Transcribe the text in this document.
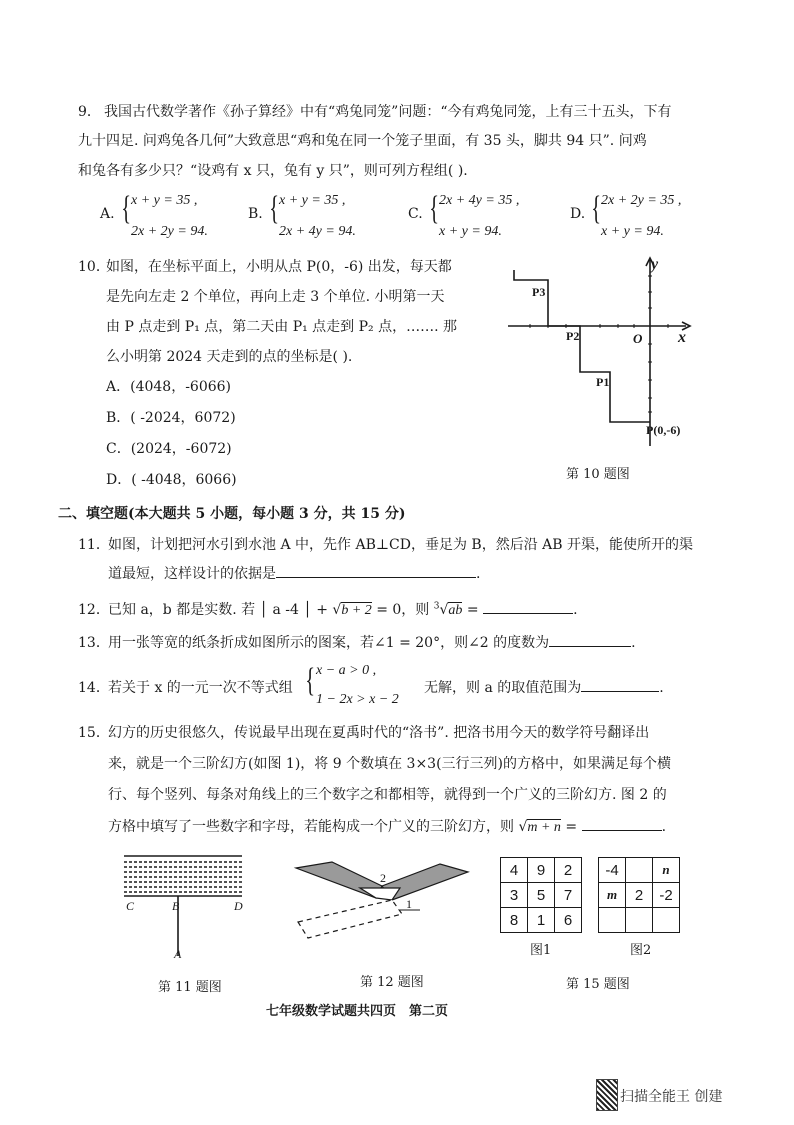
9． 我国古代数学著作《孙子算经》中有“鸡兔同笼”问题：“今有鸡兔同笼，上有三十五头，下有
九十四足. 问鸡兔各几何”大致意思“鸡和兔在同一个笼子里面，有 35 头，脚共 94 只”. 问鸡
和兔各有多少只？“设鸡有 x 只，兔有 y 只”，则可列方程组( ).
A. { x + y = 35 ,
2x + 2y = 94.
B. { x + y = 35 ,
2x + 4y = 94.
C. { 2x + 4y = 35 ,
x + y = 94.
D. { 2x + 2y = 35 ,
x + y = 94.
10．
如图，在坐标平面上，小明从点 P(0，-6) 出发，每天都
是先向左走 2 个单位，再向上走 3 个单位. 小明第一天
由 P 点走到 P₁ 点，第二天由 P₁ 点走到 P₂ 点，……. 那
么小明第 2024 天走到的点的坐标是( ).
A．(4048，-6066)
B．( -2024，6072)
C．(2024，-6072)
D．( -4048，6066)
y
x
O
P3
P2
P1
P(0,-6)
第 10 题图
二、填空题(本大题共 5 小题，每小题 3 分，共 15 分)
11．
如图，计划把河水引到水池 A 中，先作 AB⊥CD，垂足为 B，然后沿 AB 开渠，能使所开的渠
道最短，这样设计的依据是	.
12．
已知 a，b 都是实数. 若 │ a -4 │ + √b + 2 = 0，则 $^3$√ab =	.
13．
用一张等宽的纸条折成如图所示的图案，若∠1 = 20°，则∠2 的度数为	.
14．
若关于 x 的一元一次不等式组 { x − a > 0 ,
1 − 2x > x − 2
无解，则 a 的取值范围为	.
15．
幻方的历史很悠久，传说最早出现在夏禹时代的“洛书”. 把洛书用今天的数学符号翻译出
来，就是一个三阶幻方(如图 1)，将 9 个数填在 3×3(三行三列)的方格中，如果满足每个横
行、每个竖列、每条对角线上的三个数字之和都相等，就得到一个广义的三阶幻方. 图 2 的
方格中填写了一些数字和字母，若能构成一个广义的三阶幻方，则 √m + n =	.
C	B	D
A
第 11 题图
2
1
第 12 题图
4	9	2
3	5	7
8	1	6
图1
-4		n
m	2	-2

图2
第 15 题图
七年级数学试题共四页　第二页
扫描全能王 创建
